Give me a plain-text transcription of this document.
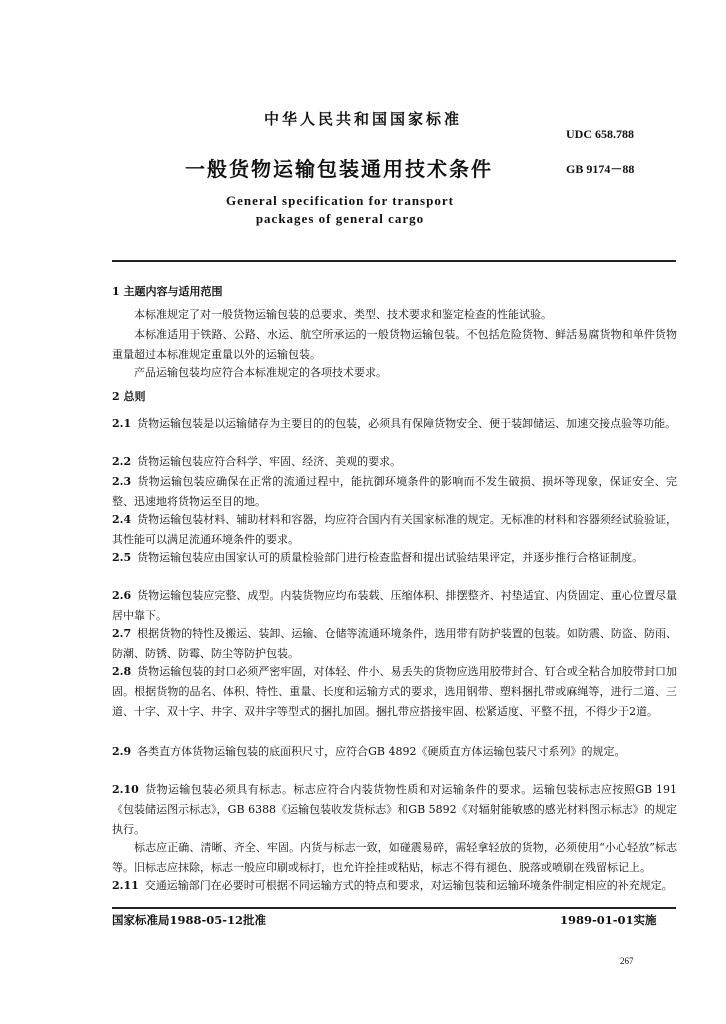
中华人民共和国国家标准
UDC 658.788
一般货物运输包装通用技术条件	GB 9174－88
General specification for transport
packages of general cargo
1 主题内容与适用范围
本标准规定了对一般货物运输包装的总要求、类型、技术要求和鉴定检查的性能试验。
本标准适用于铁路、公路、水运、航空所承运的一般货物运输包装。不包括危险货物、鲜活易腐货物和单件货物重量超过本标准规定重量以外的运输包装。
产品运输包装均应符合本标准规定的各项技术要求。
2 总则
2.1 货物运输包装是以运输储存为主要目的的包装，必须具有保障货物安全、便于装卸储运、加速交接点验等功能。
2.2 货物运输包装应符合科学、牢固、经济、美观的要求。
2.3 货物运输包装应确保在正常的流通过程中，能抗御环境条件的影响而不发生破损、损坏等现象，保证安全、完整、迅速地将货物运至目的地。
2.4 货物运输包装材料、辅助材料和容器，均应符合国内有关国家标准的规定。无标准的材料和容器须经试验验证，其性能可以满足流通环境条件的要求。
2.5 货物运输包装应由国家认可的质量检验部门进行检查监督和提出试验结果评定，并逐步推行合格证制度。
2.6 货物运输包装应完整、成型。内装货物应均布装载、压缩体积、排摆整齐、衬垫适宜、内货固定、重心位置尽量居中靠下。
2.7 根据货物的特性及搬运、装卸、运输、仓储等流通环境条件，选用带有防护装置的包装。如防震、防盗、防雨、防潮、防锈、防霉、防尘等防护包装。
2.8 货物运输包装的封口必须严密牢固，对体轻、件小、易丢失的货物应选用胶带封合、钉合或全粘合加胶带封口加固。根据货物的品名、体积、特性、重量、长度和运输方式的要求，选用钢带、塑料捆扎带或麻绳等，进行二道、三道、十字、双十字、井字、双井字等型式的捆扎加固。捆扎带应搭接牢固、松紧适度、平整不扭，不得少于2道。
2.9 各类直方体货物运输包装的底面积尺寸，应符合GB 4892《硬质直方体运输包装尺寸系列》的规定。
2.10 货物运输包装必须具有标志。标志应符合内装货物性质和对运输条件的要求。运输包装标志应按照GB 191《包装储运图示标志》，GB 6388《运输包装收发货标志》和GB 5892《对辐射能敏感的感光材料图示标志》的规定执行。
标志应正确、清晰、齐全、牢固。内货与标志一致，如碰震易碎，需轻拿轻放的货物，必须使用“小心轻放”标志等。旧标志应抹除，标志一般应印刷或标打，也允许拴挂或粘贴，标志不得有褪色、脱落或喷刷在残留标记上。
2.11 交通运输部门在必要时可根据不同运输方式的特点和要求，对运输包装和运输环境条件制定相应的补充规定。
国家标准局1988-05-12批准	1989-01-01实施
267
